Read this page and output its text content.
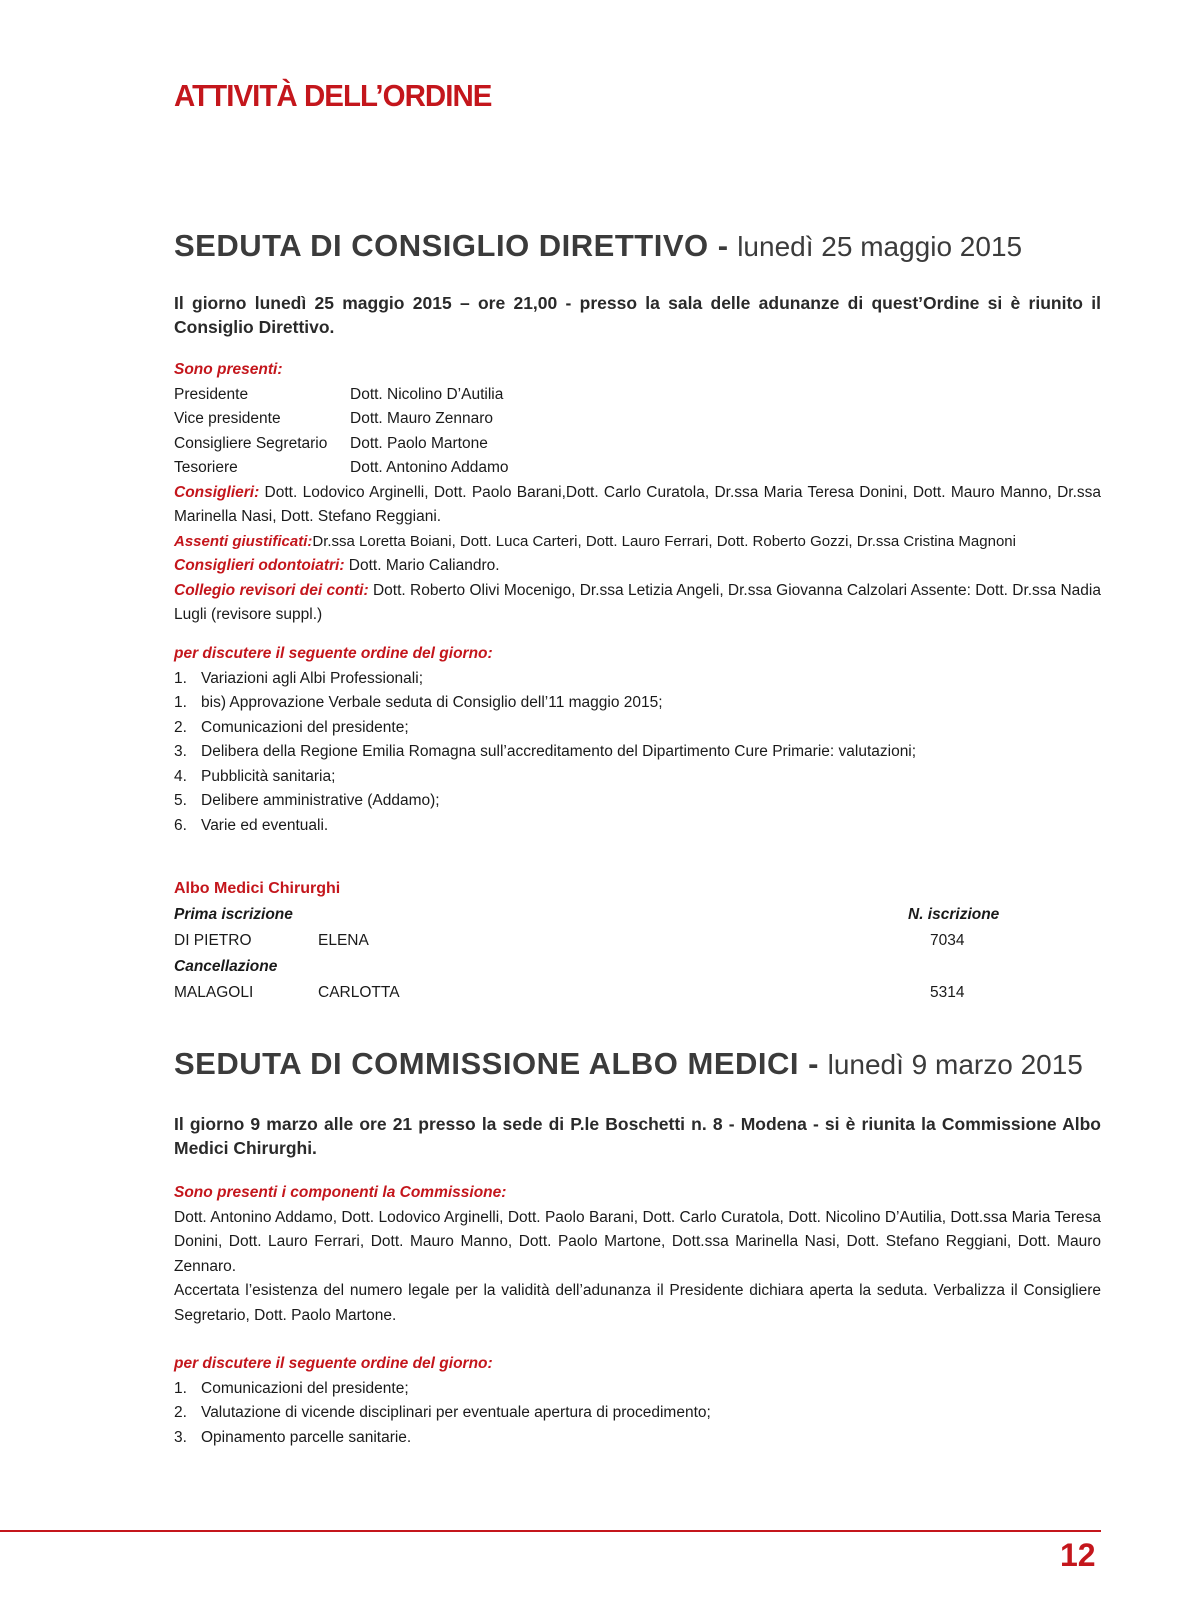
ATTIVITÀ DELL’ORDINE
SEDUTA DI CONSIGLIO DIRETTIVO - lunedì 25 maggio 2015
Il giorno lunedì 25 maggio 2015 – ore 21,00 - presso la sala delle adunanze di quest’Ordine si è riunito il Consiglio Direttivo.
Sono presenti:
Presidente	Dott. Nicolino D’Autilia
Vice presidente	Dott. Mauro Zennaro
Consigliere Segretario	Dott. Paolo Martone
Tesoriere	Dott. Antonino Addamo
Consiglieri: Dott. Lodovico Arginelli, Dott. Paolo Barani,Dott. Carlo Curatola, Dr.ssa Maria Teresa Donini, Dott. Mauro Manno, Dr.ssa Marinella Nasi, Dott. Stefano Reggiani.
Assenti giustificati:Dr.ssa Loretta Boiani, Dott. Luca Carteri, Dott. Lauro Ferrari, Dott. Roberto Gozzi, Dr.ssa Cristina Magnoni
Consiglieri odontoiatri: Dott. Mario Caliandro.
Collegio revisori dei conti: Dott. Roberto Olivi Mocenigo, Dr.ssa Letizia Angeli, Dr.ssa Giovanna Calzolari Assente: Dott. Dr.ssa Nadia Lugli (revisore suppl.)
per discutere il seguente ordine del giorno:
1. Variazioni agli Albi Professionali;
1. bis) Approvazione Verbale seduta di Consiglio dell’11 maggio 2015;
2. Comunicazioni del presidente;
3. Delibera della Regione Emilia Romagna sull’accreditamento del Dipartimento Cure Primarie: valutazioni;
4. Pubblicità sanitaria;
5. Delibere amministrative (Addamo);
6. Varie ed eventuali.
Albo Medici Chirurghi
Prima iscrizione	N. iscrizione
DI PIETRO	ELENA	7034
Cancellazione
MALAGOLI	CARLOTTA	5314
SEDUTA DI COMMISSIONE ALBO MEDICI - lunedì 9 marzo 2015
Il giorno 9 marzo alle ore 21 presso la sede di P.le Boschetti n. 8 - Modena - si è riunita la Commissione Albo Medici Chirurghi.
Sono presenti i componenti la Commissione:
Dott. Antonino Addamo, Dott. Lodovico Arginelli, Dott. Paolo Barani, Dott. Carlo Curatola, Dott. Nicolino D’Autilia, Dott.ssa Maria Teresa Donini, Dott. Lauro Ferrari, Dott. Mauro Manno, Dott. Paolo Martone, Dott.ssa Marinella Nasi, Dott. Stefano Reggiani, Dott. Mauro Zennaro.
Accertata l’esistenza del numero legale per la validità dell’adunanza il Presidente dichiara aperta la seduta. Verbalizza il Consigliere Segretario, Dott. Paolo Martone.
per discutere il seguente ordine del giorno:
1. Comunicazioni del presidente;
2. Valutazione di vicende disciplinari per eventuale apertura di procedimento;
3. Opinamento parcelle sanitarie.
12
